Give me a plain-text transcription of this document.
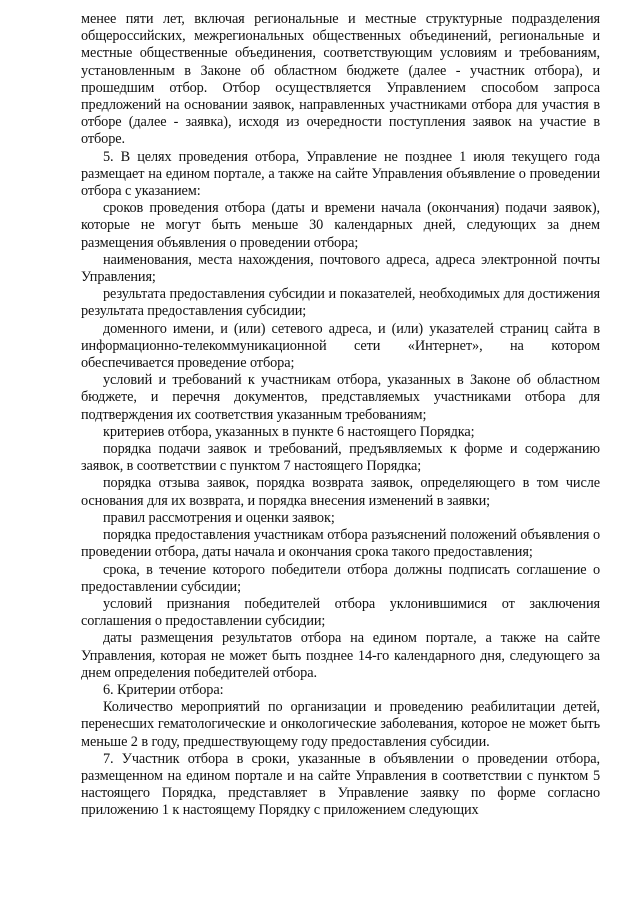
менее пяти лет, включая региональные и местные структурные подразделения общероссийских, межрегиональных общественных объединений, региональные и местные общественные объединения, соответствующим условиям и требованиям, установленным в Законе об областном бюджете (далее - участник отбора), и прошедшим отбор. Отбор осуществляется Управлением способом запроса предложений на основании заявок, направленных участниками отбора для участия в отборе (далее - заявка), исходя из очередности поступления заявок на участие в отборе.

5. В целях проведения отбора, Управление не позднее 1 июля текущего года размещает на едином портале, а также на сайте Управления объявление о проведении отбора с указанием:

сроков проведения отбора (даты и времени начала (окончания) подачи заявок), которые не могут быть меньше 30 календарных дней, следующих за днем размещения объявления о проведении отбора;

наименования, места нахождения, почтового адреса, адреса электронной почты Управления;

результата предоставления субсидии и показателей, необходимых для достижения результата предоставления субсидии;

доменного имени, и (или) сетевого адреса, и (или) указателей страниц сайта в информационно-телекоммуникационной сети «Интернет», на котором обеспечивается проведение отбора;

условий и требований к участникам отбора, указанных в Законе об областном бюджете, и перечня документов, представляемых участниками отбора для подтверждения их соответствия указанным требованиям;

критериев отбора, указанных в пункте 6 настоящего Порядка;

порядка подачи заявок и требований, предъявляемых к форме и содержанию заявок, в соответствии с пунктом 7 настоящего Порядка;

порядка отзыва заявок, порядка возврата заявок, определяющего в том числе основания для их возврата, и порядка внесения изменений в заявки;

правил рассмотрения и оценки заявок;

порядка предоставления участникам отбора разъяснений положений объявления о проведении отбора, даты начала и окончания срока такого предоставления;

срока, в течение которого победители отбора должны подписать соглашение о предоставлении субсидии;

условий признания победителей отбора уклонившимися от заключения соглашения о предоставлении субсидии;

даты размещения результатов отбора на едином портале, а также на сайте Управления, которая не может быть позднее 14-го календарного дня, следующего за днем определения победителей отбора.

6. Критерии отбора:

Количество мероприятий по организации и проведению реабилитации детей, перенесших гематологические и онкологические заболевания, которое не может быть меньше 2 в году, предшествующему году предоставления субсидии.

7. Участник отбора в сроки, указанные в объявлении о проведении отбора, размещенном на едином портале и на сайте Управления в соответствии с пунктом 5 настоящего Порядка, представляет в Управление заявку по форме согласно приложению 1 к настоящему Порядку с приложением следующих
